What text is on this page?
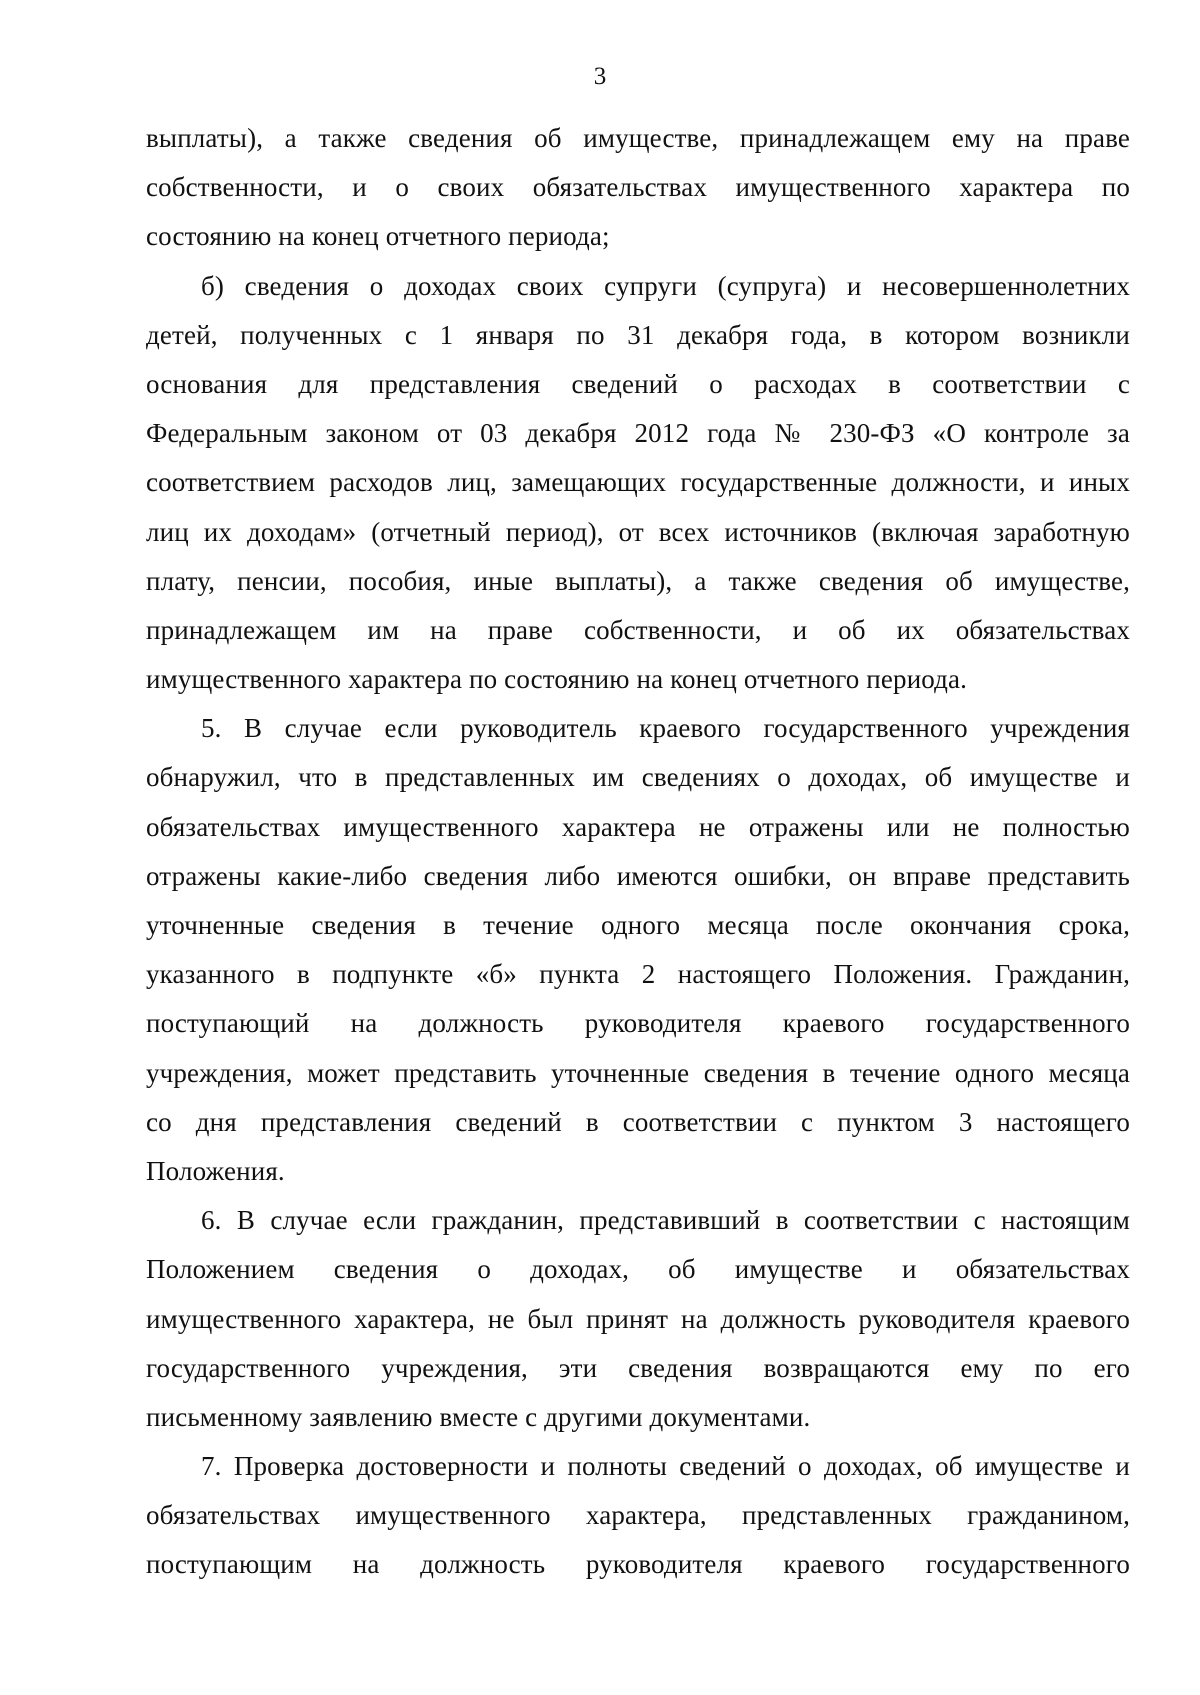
3
выплаты), а также сведения об имуществе, принадлежащем ему на праве
собственности, и о своих обязательствах имущественного характера по
состоянию на конец отчетного периода;
б) сведения о доходах своих супруги (супруга) и несовершеннолетних
детей, полученных с 1 января по 31 декабря года, в котором возникли
основания для представления сведений о расходах в соответствии с
Федеральным законом от 03 декабря 2012 года № 230-ФЗ «О контроле за
соответствием расходов лиц, замещающих государственные должности, и иных
лиц их доходам» (отчетный период), от всех источников (включая заработную
плату, пенсии, пособия, иные выплаты), а также сведения об имуществе,
принадлежащем им на праве собственности, и об их обязательствах
имущественного характера по состоянию на конец отчетного периода.
5. В случае если руководитель краевого государственного учреждения
обнаружил, что в представленных им сведениях о доходах, об имуществе и
обязательствах имущественного характера не отражены или не полностью
отражены какие-либо сведения либо имеются ошибки, он вправе представить
уточненные сведения в течение одного месяца после окончания срока,
указанного в подпункте «б» пункта 2 настоящего Положения. Гражданин,
поступающий на должность руководителя краевого государственного
учреждения, может представить уточненные сведения в течение одного месяца
со дня представления сведений в соответствии с пунктом 3 настоящего
Положения.
6. В случае если гражданин, представивший в соответствии с настоящим
Положением сведения о доходах, об имуществе и обязательствах
имущественного характера, не был принят на должность руководителя краевого
государственного учреждения, эти сведения возвращаются ему по его
письменному заявлению вместе с другими документами.
7. Проверка достоверности и полноты сведений о доходах, об имуществе и
обязательствах имущественного характера, представленных гражданином,
поступающим на должность руководителя краевого государственного
